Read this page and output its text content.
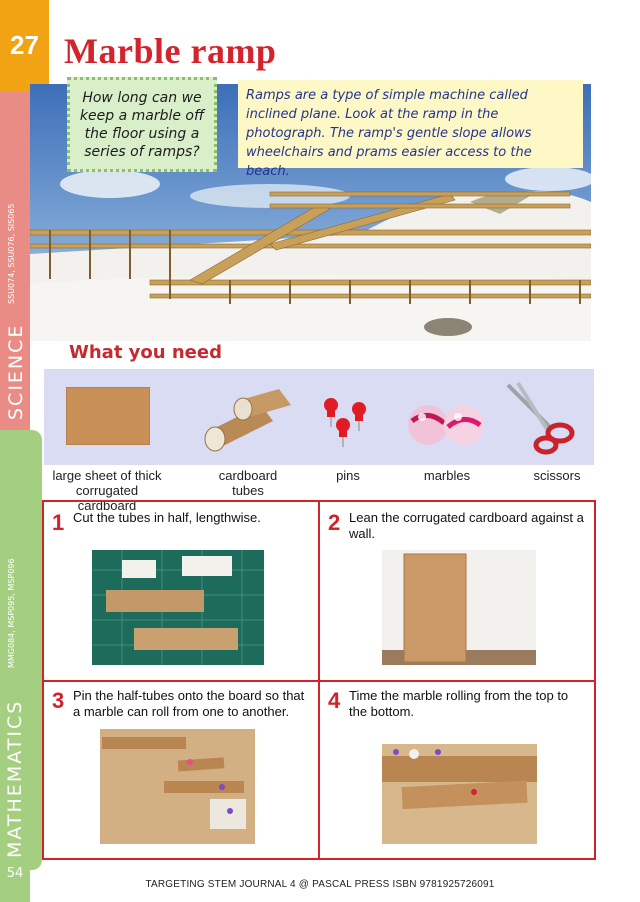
27
SCIENCE
SSU074, SSU076, SIS065
MATHEMATICS
MMG084, MSP095, MSP096
54
Marble ramp
How long can we keep a marble off the floor using a series of ramps?
Ramps are a type of simple machine called inclined plane. Look at the ramp in the photograph. The ramp's gentle slope allows wheelchairs and prams easier access to the beach.
What you need
large sheet of thick corrugated cardboard
cardboard tubes
pins	marbles	scissors
1 Cut the tubes in half, lengthwise.	2 Lean the corrugated cardboard against a wall.
3 Pin the half-tubes onto the board so that a marble can roll from one to another.	4 Time the marble rolling from the top to the bottom.
TARGETING STEM JOURNAL 4 @ PASCAL PRESS ISBN 9781925726091
